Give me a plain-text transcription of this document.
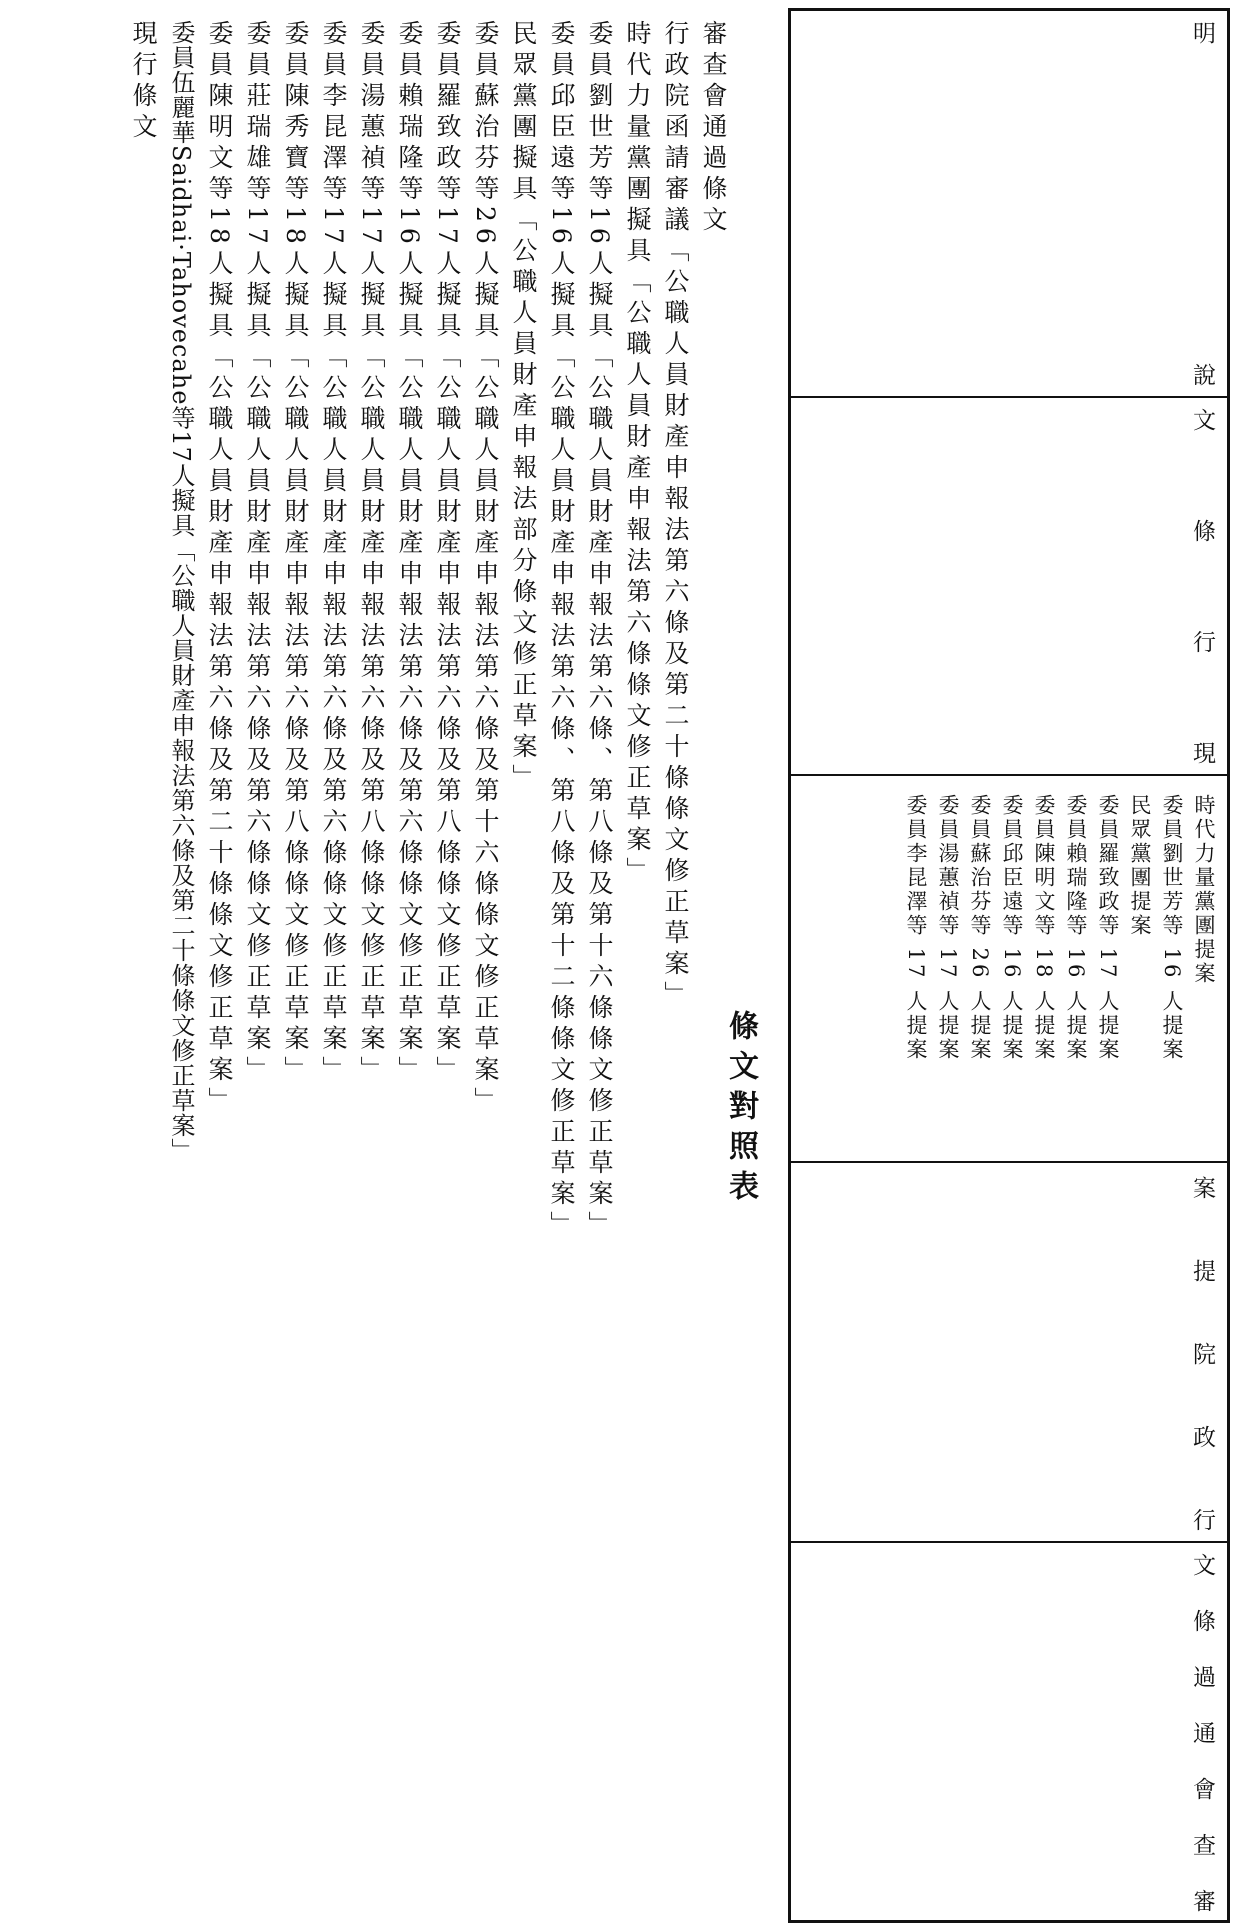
審查會通過條文
行政院函請審議「公職人員財產申報法第六條及第二十條條文修正草案」
時代力量黨團擬具「公職人員財產申報法第六條條文修正草案」
委員劉世芳等16人擬具「公職人員財產申報法第六條、第八條及第十六條條文修正草案」
委員邱臣遠等16人擬具「公職人員財產申報法第六條、第八條及第十二條條文修正草案」
民眾黨團擬具「公職人員財產申報法部分條文修正草案」
委員蘇治芬等26人擬具「公職人員財產申報法第六條及第十六條條文修正草案」
委員羅致政等17人擬具「公職人員財產申報法第六條及第八條條文修正草案」
委員賴瑞隆等16人擬具「公職人員財產申報法第六條及第六條條文修正草案」
委員湯蕙禎等17人擬具「公職人員財產申報法第六條及第八條條文修正草案」
委員李昆澤等17人擬具「公職人員財產申報法第六條及第六條條文修正草案」
委員陳秀寶等18人擬具「公職人員財產申報法第六條及第八條條文修正草案」
委員莊瑞雄等17人擬具「公職人員財產申報法第六條及第六條條文修正草案」
委員陳明文等18人擬具「公職人員財產申報法第六條及第二十條條文修正草案」
委員伍麗華Saidhai·Tahovecahe等17人擬具「公職人員財產申報法第六條及第二十條條文修正草案」
現行條文
條文對照表
明
說
文
條
行
現
時代力量黨團提案
委員劉世芳等 16 人提案
民眾黨團提案
委員羅致政等 17 人提案
委員賴瑞隆等 16 人提案
委員陳明文等 18 人提案
委員邱臣遠等 16 人提案
委員蘇治芬等 26 人提案
委員湯蕙禎等 17 人提案
委員李昆澤等 17 人提案
案
提
院
政
行
文
條
過
通
會
查
審
